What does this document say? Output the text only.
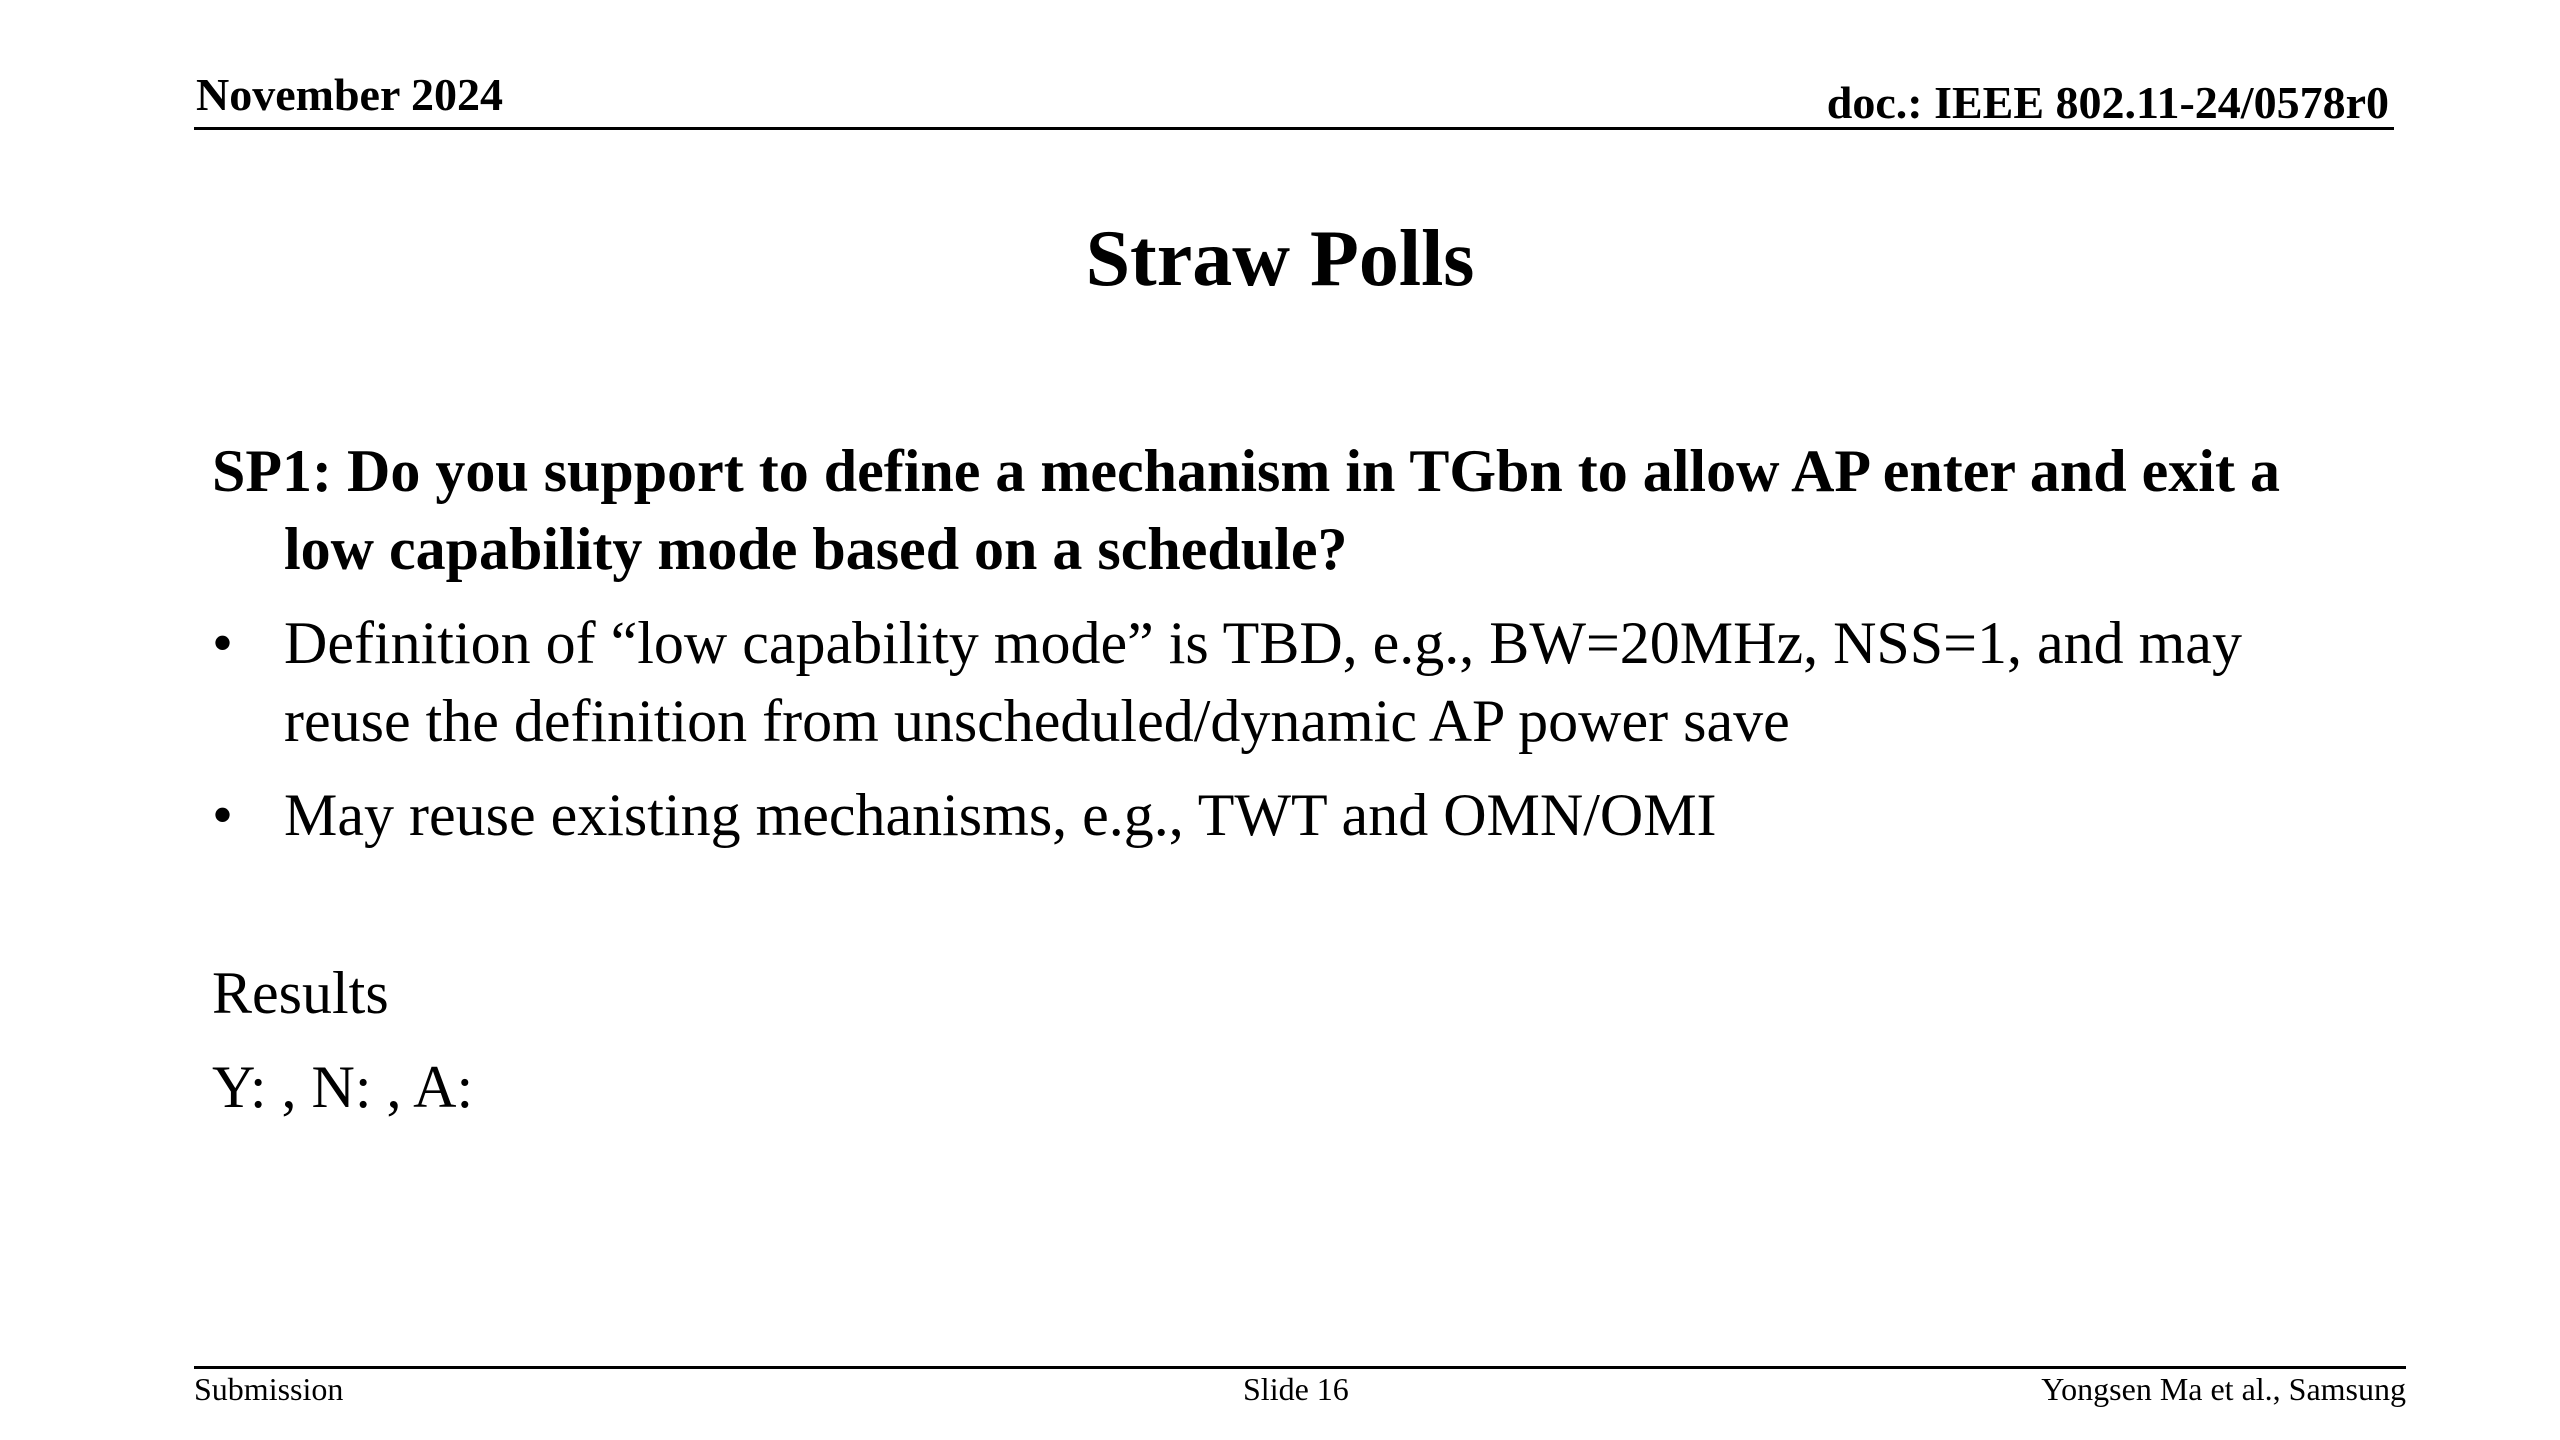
November 2024	doc.: IEEE 802.11-24/0578r0
Straw Polls

SP1: Do you support to define a mechanism in TGbn to allow AP enter and exit a low capability mode based on a schedule?

• Definition of “low capability mode” is TBD, e.g., BW=20MHz, NSS=1, and may reuse the definition from unscheduled/dynamic AP power save
• May reuse existing mechanisms, e.g., TWT and OMN/OMI
Results
Y: , N: , A:
Submission	Slide 16	Yongsen Ma et al., Samsung
